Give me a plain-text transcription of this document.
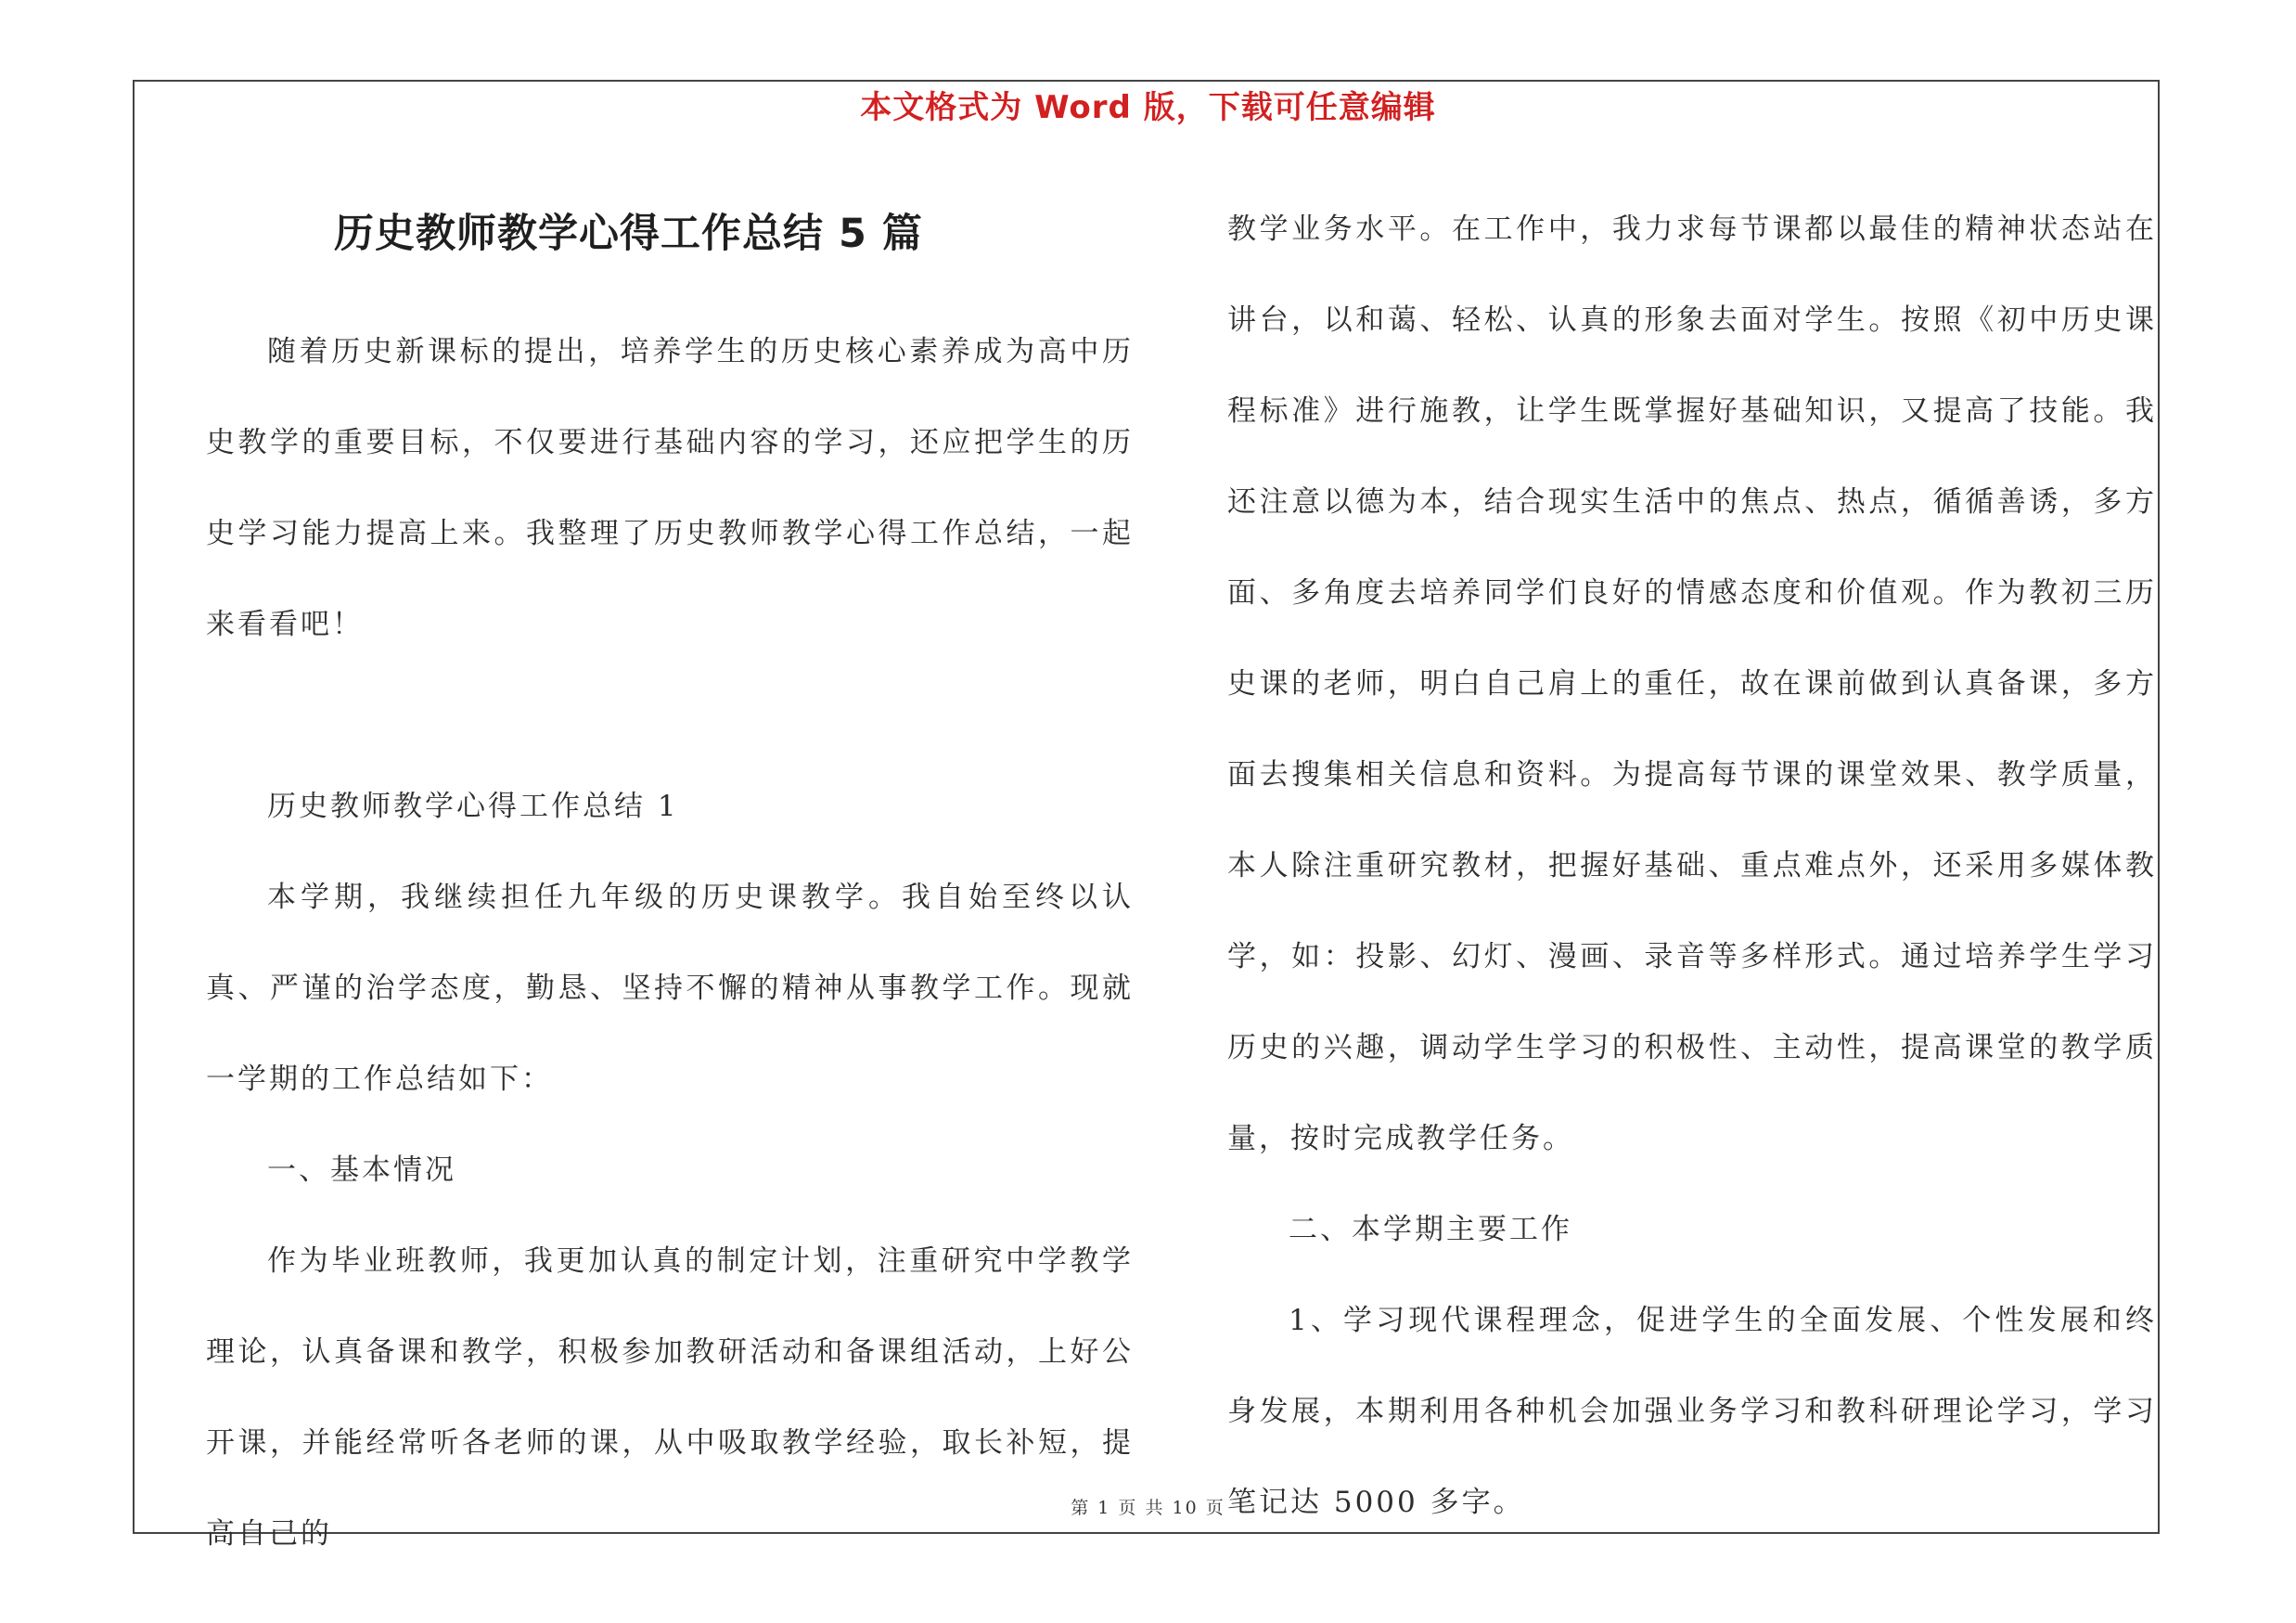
本文格式为 Word 版，下载可任意编辑
历史教师教学心得工作总结 5 篇

随着历史新课标的提出，培养学生的历史核心素养成为高中历史教学的重要目标，不仅要进行基础内容的学习，还应把学生的历史学习能力提高上来。我整理了历史教师教学心得工作总结，一起来看看吧！

历史教师教学心得工作总结 1

本学期，我继续担任九年级的历史课教学。我自始至终以认真、严谨的治学态度，勤恳、坚持不懈的精神从事教学工作。现就一学期的工作总结如下：

一、基本情况

作为毕业班教师，我更加认真的制定计划，注重研究中学教学理论，认真备课和教学，积极参加教研活动和备课组活动，上好公开课，并能经常听各老师的课，从中吸取教学经验，取长补短，提高自己的

教学业务水平。在工作中，我力求每节课都以最佳的精神状态站在讲台，以和蔼、轻松、认真的形象去面对学生。按照《初中历史课程标准》进行施教，让学生既掌握好基础知识，又提高了技能。我还注意以德为本，结合现实生活中的焦点、热点，循循善诱，多方面、多角度去培养同学们良好的情感态度和价值观。作为教初三历史课的老师，明白自己肩上的重任，故在课前做到认真备课，多方面去搜集相关信息和资料。为提高每节课的课堂效果、教学质量，本人除注重研究教材，把握好基础、重点难点外，还采用多媒体教学，如：投影、幻灯、漫画、录音等多样形式。通过培养学生学习历史的兴趣，调动学生学习的积极性、主动性，提高课堂的教学质量，按时完成教学任务。

二、本学期主要工作

1、学习现代课程理念，促进学生的全面发展、个性发展和终身发展，本期利用各种机会加强业务学习和教科研理论学习，学习笔记达 5000 多字。

第 1 页 共 10 页
